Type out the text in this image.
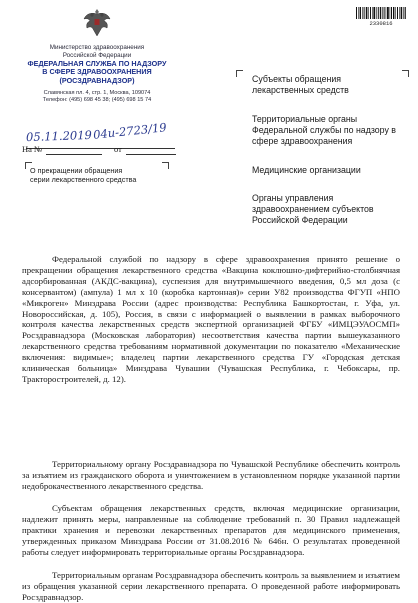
Министерство здравоохранения
Российской Федерации
ФЕДЕРАЛЬНАЯ СЛУЖБА ПО НАДЗОРУ
В СФЕРЕ ЗДРАВООХРАНЕНИЯ
(РОСЗДРАВНАДЗОР)
Славянская пл. 4, стр. 1, Москва, 109074
Телефон: (495) 698 45 38; (495) 698 15 74
2330816
05.11.2019 04u-2723/19
На №	от
О прекращении обращения
серии лекарственного средства
Субъекты обращения
лекарственных средств
Территориальные органы
Федеральной службы по надзору в
сфере здравоохранения
Медицинские организации
Органы управления
здравоохранением субъектов
Российской Федерации

Федеральной службой по надзору в сфере здравоохранения принято решение о прекращении обращения лекарственного средства «Вакцина коклюшно-дифтерийно-столбнячная адсорбированная (АКДС-вакцина), суспензия для внутримышечного введения, 0,5 мл доза (с консервантом) (ампула) 1 мл х 10 (коробка картонная)» серии У82 производства ФГУП «НПО «Микроген» Минздрава России (адрес производства: Республика Башкортостан, г. Уфа, ул. Новороссийская, д. 105), Россия, в связи с информацией о выявлении в рамках выборочного контроля качества лекарственных средств экспертной организацией ФГБУ «ИМЦЭУАОСМП» Росздравнадзора (Московская лаборатория) несоответствия качества партии вышеуказанного лекарственного средства требованиям нормативной документации по показателю «Механические включения: видимые»; владелец партии лекарственного средства ГУ «Городская детская клиническая больница» Минздрава Чувашии (Чувашская Республика, г. Чебоксары, пр. Тракторостроителей, д. 12).

Территориальному органу Росздравнадзора по Чувашской Республике обеспечить контроль за изъятием из гражданского оборота и уничтожением в установленном порядке указанной партии недоброкачественного лекарственного средства.

Субъектам обращения лекарственных средств, включая медицинские организации, надлежит принять меры, направленные на соблюдение требований п. 30 Правил надлежащей практики хранения и перевозки лекарственных препаратов для медицинского применения, утвержденных приказом Минздрава России от 31.08.2016 № 646н. О результатах проведенной работы следует информировать территориальные органы Росздравнадзора.

Территориальным органам Росздравнадзора обеспечить контроль за выявлением и изъятием из обращения указанной серии лекарственного препарата. О проведенной работе информировать Росздравнадзор.
